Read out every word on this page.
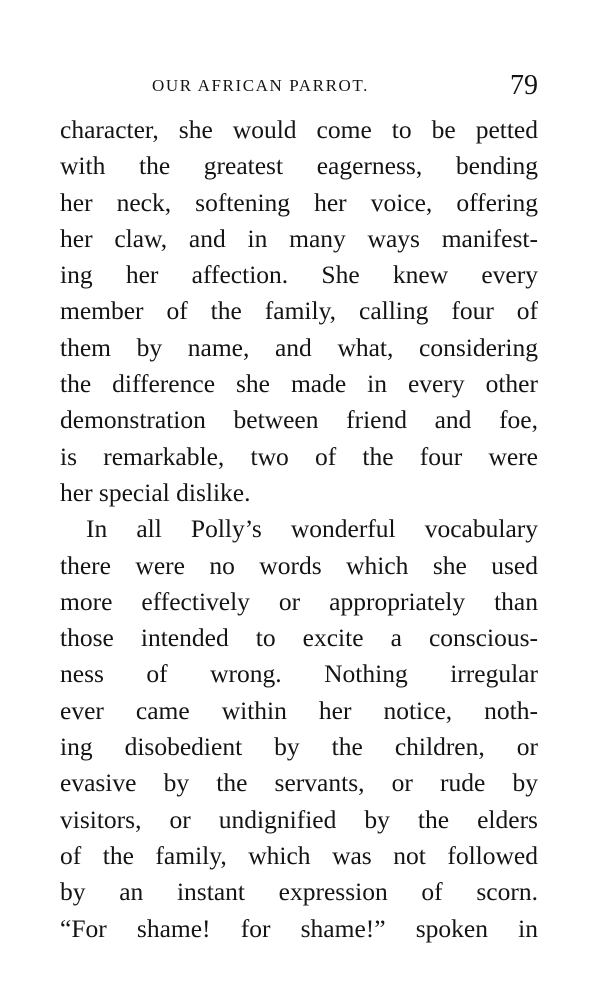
OUR AFRICAN PARROT.	79
character, she would come to be petted
with the greatest eagerness, bending
her neck, softening her voice, offering
her claw, and in many ways manifest-
ing her affection. She knew every
member of the family, calling four of
them by name, and what, considering
the difference she made in every other
demonstration between friend and foe,
is remarkable, two of the four were
her special dislike.
In all Polly’s wonderful vocabulary
there were no words which she used
more effectively or appropriately than
those intended to excite a conscious-
ness of wrong. Nothing irregular
ever came within her notice, noth-
ing disobedient by the children, or
evasive by the servants, or rude by
visitors, or undignified by the elders
of the family, which was not followed
by an instant expression of scorn.
“For shame! for shame!” spoken in
